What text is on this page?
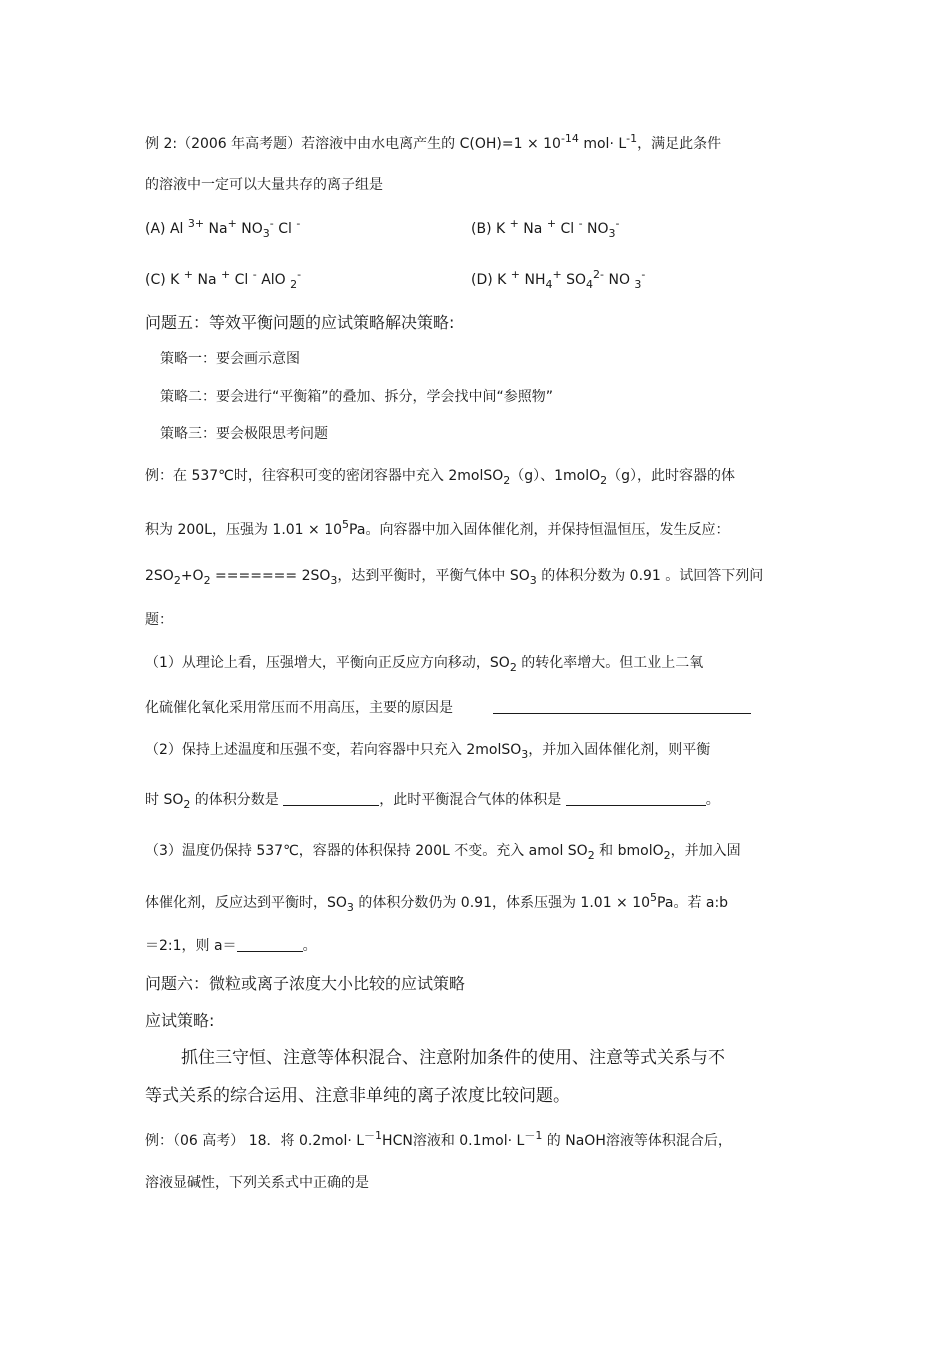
例 2:（2006 年高考题）若溶液中由水电离产生的 $C(OH)=1 \times 10^{-14}$ $mol\cdot L^{-1}$，满足此条件
的溶液中一定可以大量共存的离子组是
(A) Al $^{3+}$ Na+ $NO_3^-$ Cl -	(B) K + Na + Cl - $NO_3^-$
(C) K + Na + Cl - AlO $_2$-	(D) K + $NH_4^+$ $SO_4^{2-}$ NO $_3$-
问题五：等效平衡问题的应试策略解决策略:
策略一：要会画示意图
策略二：要会进行“平衡箱”的叠加、拆分，学会找中间“参照物”
策略三：要会极限思考问题
例：在 537℃时，往容积可变的密闭容器中充入 2molSO$_2$（g）、1molO$_2$（g），此时容器的体
积为 200L，压强为 $1.01 \times 10^5Pa$。向容器中加入固体催化剂，并保持恒温恒压，发生反应：
$2SO_2+O_2$ ======= $2SO_3$，达到平衡时，平衡气体中 $SO_3$ 的体积分数为 0.91 。试回答下列问
题：
（1）从理论上看，压强增大，平衡向正反应方向移动，$SO_2$ 的转化率增大。但工业上二氧
化硫催化氧化采用常压而不用高压，主要的原因是
（2）保持上述温度和压强不变，若向容器中只充入 2molSO$_3$，并加入固体催化剂，则平衡
时 $SO_2$ 的体积分数是	，此时平衡混合气体的体积是	。
（3）温度仍保持 537℃，容器的体积保持 200L 不变。充入 amol $SO_2$ 和 bmolO$_2$，并加入固
体催化剂，反应达到平衡时，$SO_3$ 的体积分数仍为 0.91，体系压强为 $1.01 \times 10^5Pa$。若 a:b
＝2:1，则 a＝	。
问题六：微粒或离子浓度大小比较的应试策略
应试策略:
抓住三守恒、注意等体积混合、注意附加条件的使用、注意等式关系与不
等式关系的综合运用、注意非单纯的离子浓度比较问题。
例：（06 高考） 18．将 $0.2mol\cdot L^{-1}HCN$溶液和 $0.1mol\cdot L^{-1}$ 的 NaOH溶液等体积混合后，
溶液显碱性，下列关系式中正确的是
